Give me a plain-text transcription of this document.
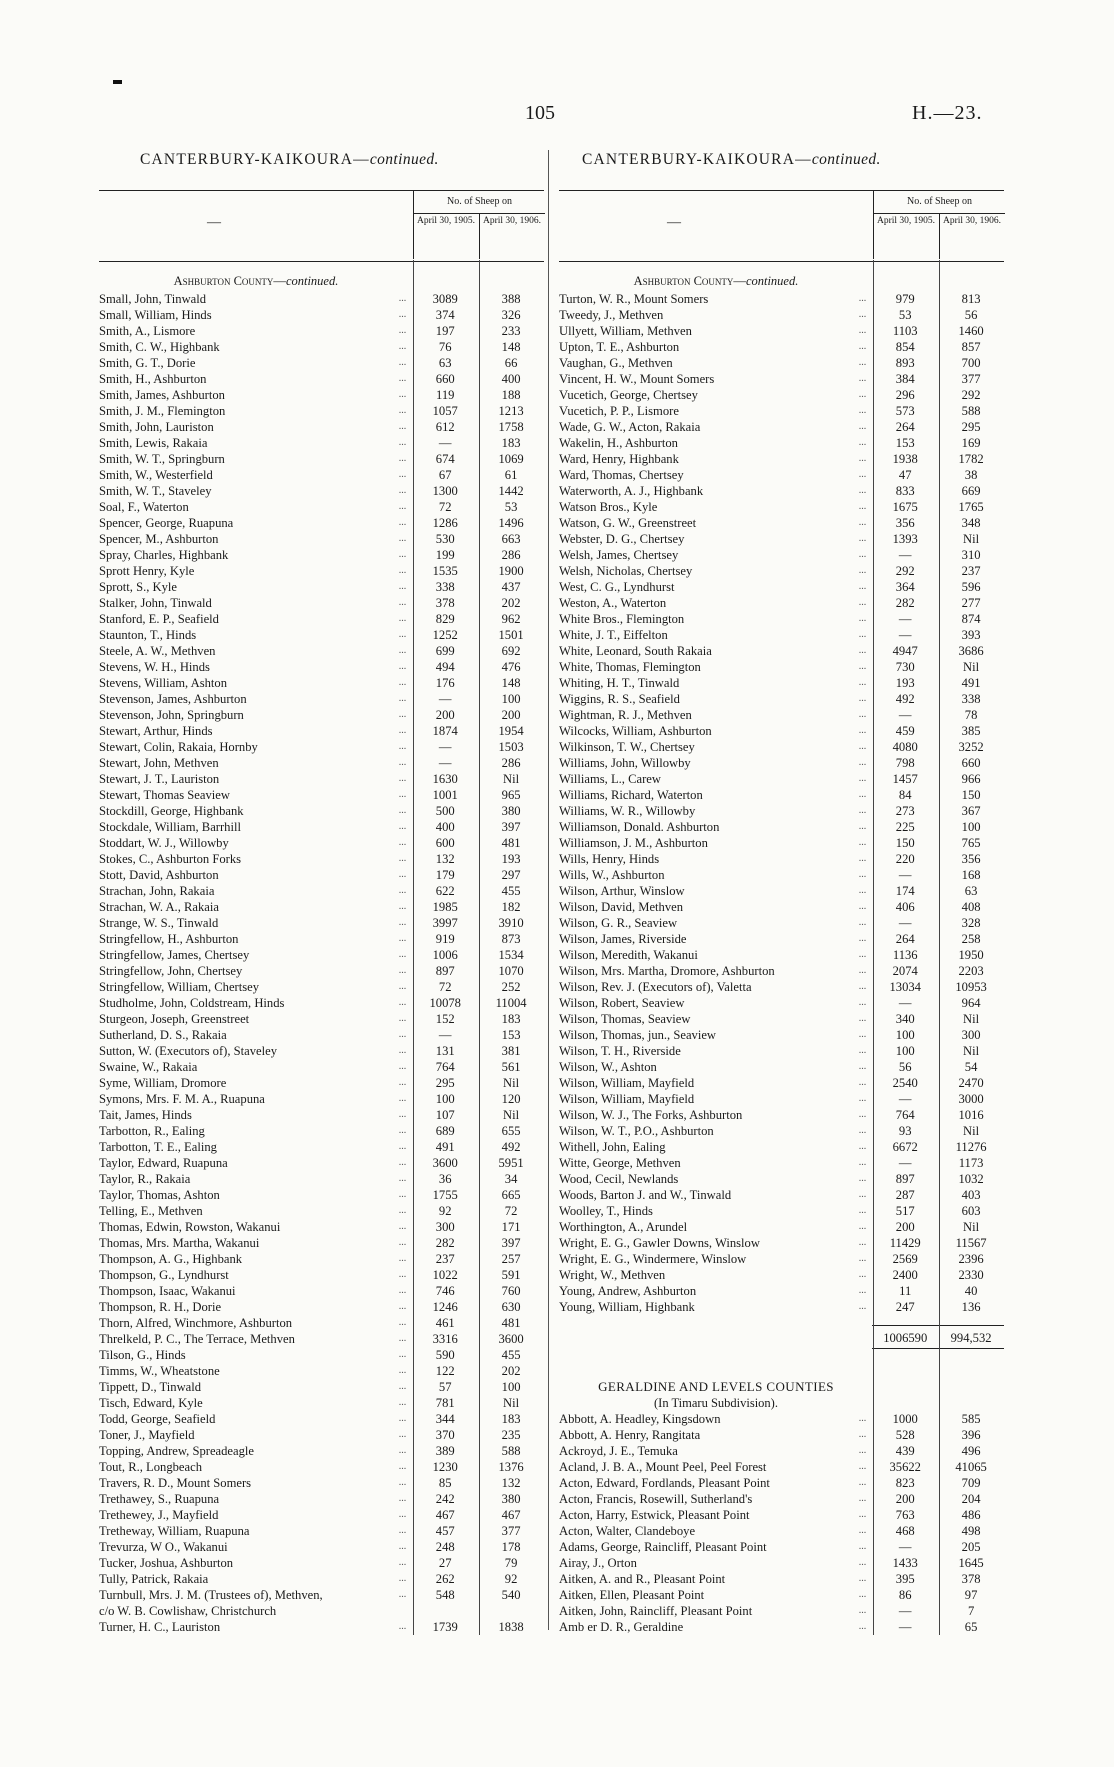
105	H.—23.
CANTERBURY-KAIKOURA—continued.	CANTERBURY-KAIKOURA—continued.
—
No. of Sheep on
April 30, 1905. April 30, 1906.
Ashburton County—continued.
Small, John, Tinwald ...	3089	388
Small, William, Hinds ...	374	326
Smith, A., Lismore ...	197	233
Smith, C. W., Highbank ...	76	148
Smith, G. T., Dorie ...	63	66
Smith, H., Ashburton ...	660	400
Smith, James, Ashburton ...	119	188
Smith, J. M., Flemington ...	1057	1213
Smith, John, Lauriston ...	612	1758
Smith, Lewis, Rakaia ...	—	183
Smith, W. T., Springburn ...	674	1069
Smith, W., Westerfield ...	67	61
Smith, W. T., Staveley ...	1300	1442
Soal, F., Waterton ...	72	53
Spencer, George, Ruapuna ...	1286	1496
Spencer, M., Ashburton ...	530	663
Spray, Charles, Highbank ...	199	286
Sprott Henry, Kyle ...	1535	1900
Sprott, S., Kyle ...	338	437
Stalker, John, Tinwald ...	378	202
Stanford, E. P., Seafield ...	829	962
Staunton, T., Hinds ...	1252	1501
Steele, A. W., Methven ...	699	692
Stevens, W. H., Hinds ...	494	476
Stevens, William, Ashton ...	176	148
Stevenson, James, Ashburton ...	—	100
Stevenson, John, Springburn ...	200	200
Stewart, Arthur, Hinds ...	1874	1954
Stewart, Colin, Rakaia, Hornby ...	—	1503
Stewart, John, Methven ...	—	286
Stewart, J. T., Lauriston ...	1630	Nil
Stewart, Thomas Seaview ...	1001	965
Stockdill, George, Highbank ...	500	380
Stockdale, William, Barrhill ...	400	397
Stoddart, W. J., Willowby ...	600	481
Stokes, C., Ashburton Forks ...	132	193
Stott, David, Ashburton ...	179	297
Strachan, John, Rakaia ...	622	455
Strachan, W. A., Rakaia ...	1985	182
Strange, W. S., Tinwald ...	3997	3910
Stringfellow, H., Ashburton ...	919	873
Stringfellow, James, Chertsey ...	1006	1534
Stringfellow, John, Chertsey ...	897	1070
Stringfellow, William, Chertsey ...	72	252
Studholme, John, Coldstream, Hinds ...	10078	11004
Sturgeon, Joseph, Greenstreet ...	152	183
Sutherland, D. S., Rakaia ...	—	153
Sutton, W. (Executors of), Staveley ...	131	381
Swaine, W., Rakaia ...	764	561
Syme, William, Dromore ...	295	Nil
Symons, Mrs. F. M. A., Ruapuna ...	100	120
Tait, James, Hinds ...	107	Nil
Tarbotton, R., Ealing ...	689	655
Tarbotton, T. E., Ealing ...	491	492
Taylor, Edward, Ruapuna ...	3600	5951
Taylor, R., Rakaia ...	36	34
Taylor, Thomas, Ashton ...	1755	665
Telling, E., Methven ...	92	72
Thomas, Edwin, Rowston, Wakanui ...	300	171
Thomas, Mrs. Martha, Wakanui ...	282	397
Thompson, A. G., Highbank ...	237	257
Thompson, G., Lyndhurst ...	1022	591
Thompson, Isaac, Wakanui ...	746	760
Thompson, R. H., Dorie ...	1246	630
Thorn, Alfred, Winchmore, Ashburton ...	461	481
Threlkeld, P. C., The Terrace, Methven ...	3316	3600
Tilson, G., Hinds ...	590	455
Timms, W., Wheatstone ...	122	202
Tippett, D., Tinwald ...	57	100
Tisch, Edward, Kyle ...	781	Nil
Todd, George, Seafield ...	344	183
Toner, J., Mayfield ...	370	235
Topping, Andrew, Spreadeagle ...	389	588
Tout, R., Longbeach ...	1230	1376
Travers, R. D., Mount Somers ...	85	132
Trethawey, S., Ruapuna ...	242	380
Trethewey, J., Mayfield ...	467	467
Tretheway, William, Ruapuna ...	457	377
Trevurza, W O., Wakanui ...	248	178
Tucker, Joshua, Ashburton ...	27	79
Tully, Patrick, Rakaia ...	262	92
Turnbull, Mrs. J. M. (Trustees of), Methven, ...	548	540
c/o W. B. Cowlishaw, Christchurch
Turner, H. C., Lauriston ...	1739	1838
—
No. of Sheep on
April 30, 1905. April 30, 1906.
Ashburton County—continued.
Turton, W. R., Mount Somers ...	979	813
Tweedy, J., Methven ...	53	56
Ullyett, William, Methven ...	1103	1460
Upton, T. E., Ashburton ...	854	857
Vaughan, G., Methven ...	893	700
Vincent, H. W., Mount Somers ...	384	377
Vucetich, George, Chertsey ...	296	292
Vucetich, P. P., Lismore ...	573	588
Wade, G. W., Acton, Rakaia ...	264	295
Wakelin, H., Ashburton ...	153	169
Ward, Henry, Highbank ...	1938	1782
Ward, Thomas, Chertsey ...	47	38
Waterworth, A. J., Highbank ...	833	669
Watson Bros., Kyle ...	1675	1765
Watson, G. W., Greenstreet ...	356	348
Webster, D. G., Chertsey ...	1393	Nil
Welsh, James, Chertsey ...	—	310
Welsh, Nicholas, Chertsey ...	292	237
West, C. G., Lyndhurst ...	364	596
Weston, A., Waterton ...	282	277
White Bros., Flemington ...	—	874
White, J. T., Eiffelton ...	—	393
White, Leonard, South Rakaia ...	4947	3686
White, Thomas, Flemington ...	730	Nil
Whiting, H. T., Tinwald ...	193	491
Wiggins, R. S., Seafield ...	492	338
Wightman, R. J., Methven ...	—	78
Wilcocks, William, Ashburton ...	459	385
Wilkinson, T. W., Chertsey ...	4080	3252
Williams, John, Willowby ...	798	660
Williams, L., Carew ...	1457	966
Williams, Richard, Waterton ...	84	150
Williams, W. R., Willowby ...	273	367
Williamson, Donald. Ashburton ...	225	100
Williamson, J. M., Ashburton ...	150	765
Wills, Henry, Hinds ...	220	356
Wills, W., Ashburton ...	—	168
Wilson, Arthur, Winslow ...	174	63
Wilson, David, Methven ...	406	408
Wilson, G. R., Seaview ...	—	328
Wilson, James, Riverside ...	264	258
Wilson, Meredith, Wakanui ...	1136	1950
Wilson, Mrs. Martha, Dromore, Ashburton ...	2074	2203
Wilson, Rev. J. (Executors of), Valetta ...	13034	10953
Wilson, Robert, Seaview ...	—	964
Wilson, Thomas, Seaview ...	340	Nil
Wilson, Thomas, jun., Seaview ...	100	300
Wilson, T. H., Riverside ...	100	Nil
Wilson, W., Ashton ...	56	54
Wilson, William, Mayfield ...	2540	2470
Wilson, William, Mayfield ...	—	3000
Wilson, W. J., The Forks, Ashburton ...	764	1016
Wilson, W. T., P.O., Ashburton ...	93	Nil
Withell, John, Ealing ...	6672	11276
Witte, George, Methven ...	—	1173
Wood, Cecil, Newlands ...	897	1032
Woods, Barton J. and W., Tinwald ...	287	403
Woolley, T., Hinds ...	517	603
Worthington, A., Arundel ...	200	Nil
Wright, E. G., Gawler Downs, Winslow ...	11429	11567
Wright, E. G., Windermere, Winslow ...	2569	2396
Wright, W., Methven ...	2400	2330
Young, Andrew, Ashburton ...	11	40
Young, William, Highbank ...	247	136
1006590	994,532
GERALDINE AND LEVELS COUNTIES
(In Timaru Subdivision).
Abbott, A. Headley, Kingsdown ...	1000	585
Abbott, A. Henry, Rangitata ...	528	396
Ackroyd, J. E., Temuka ...	439	496
Acland, J. B. A., Mount Peel, Peel Forest ...	35622	41065
Acton, Edward, Fordlands, Pleasant Point ...	823	709
Acton, Francis, Rosewill, Sutherland's ...	200	204
Acton, Harry, Estwick, Pleasant Point ...	763	486
Acton, Walter, Clandeboye ...	468	498
Adams, George, Raincliff, Pleasant Point ...	—	205
Airay, J., Orton ...	1433	1645
Aitken, A. and R., Pleasant Point ...	395	378
Aitken, Ellen, Pleasant Point ...	86	97
Aitken, John, Raincliff, Pleasant Point ...	—	7
Amb er D. R., Geraldine ...	—	65
